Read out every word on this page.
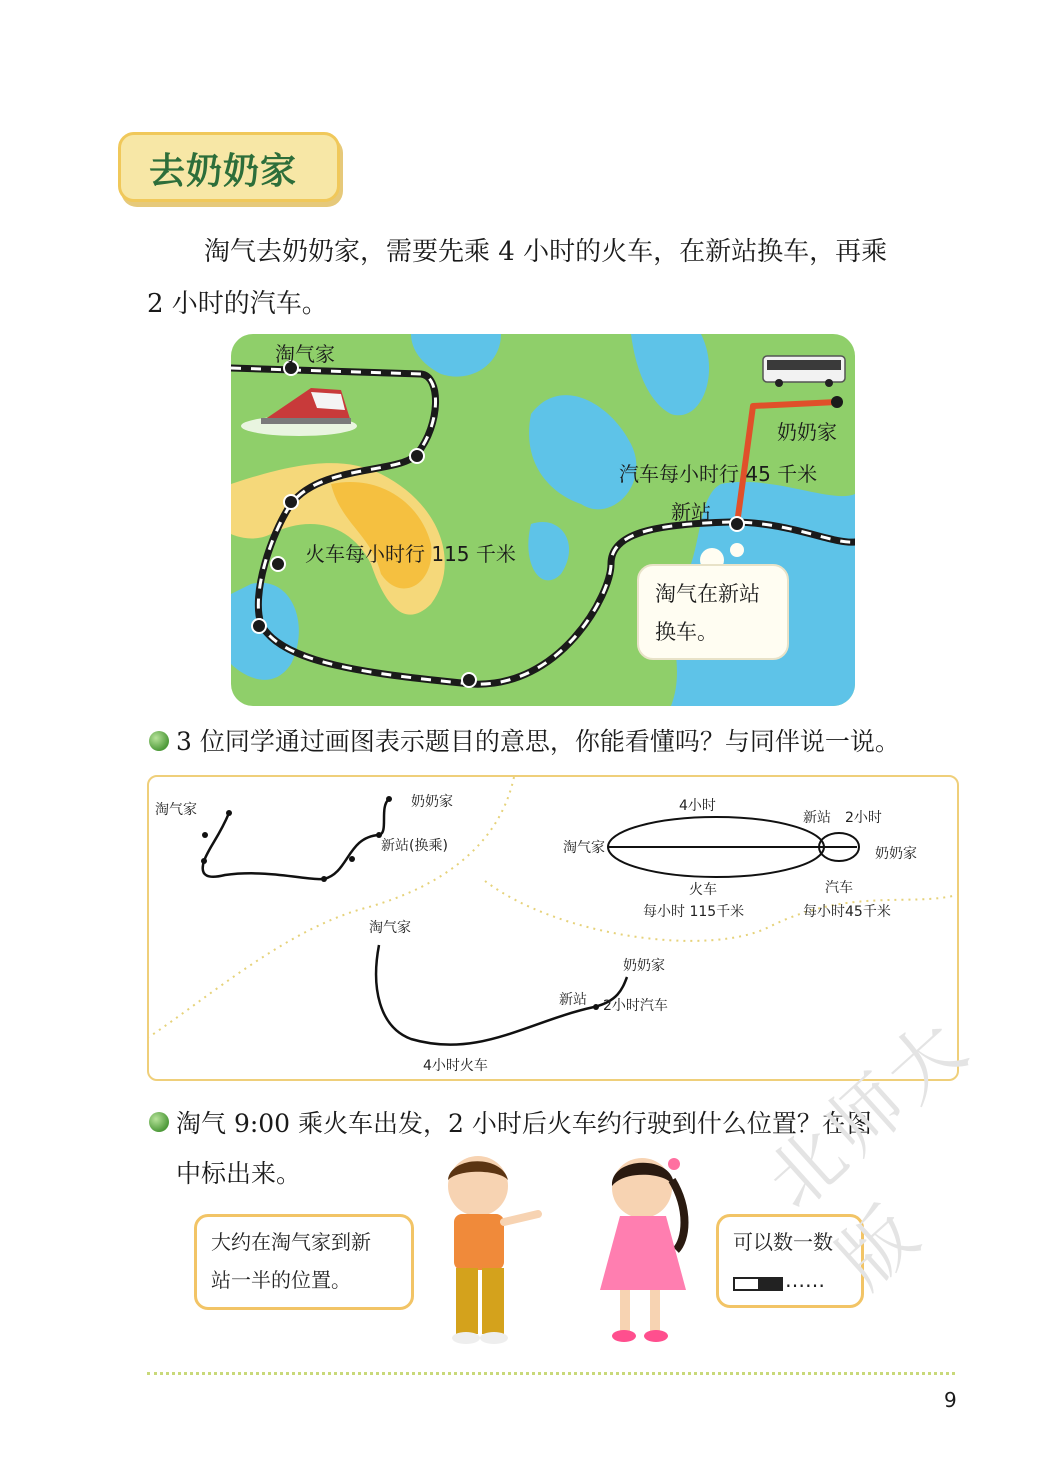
去奶奶家
淘气去奶奶家，需要先乘 4 小时的火车，在新站换车，再乘
2 小时的汽车。
淘气家
奶奶家
汽车每小时行 45 千米
新站
火车每小时行 115 千米
淘气在新站
换车。
3 位同学通过画图表示题目的意思，你能看懂吗？与同伴说一说。
淘气家	奶奶家
新站(换乘)
4小时
淘气家
新站 2小时
奶奶家
火车
每小时 115千米
汽车
每小时45千米
淘气家
奶奶家
新站 2小时汽车
4小时火车
淘气 9:00 乘火车出发，2 小时后火车约行驶到什么位置？在图
中标出来。
大约在淘气家到新
站一半的位置。
可以数一数
……
北师大版
9
